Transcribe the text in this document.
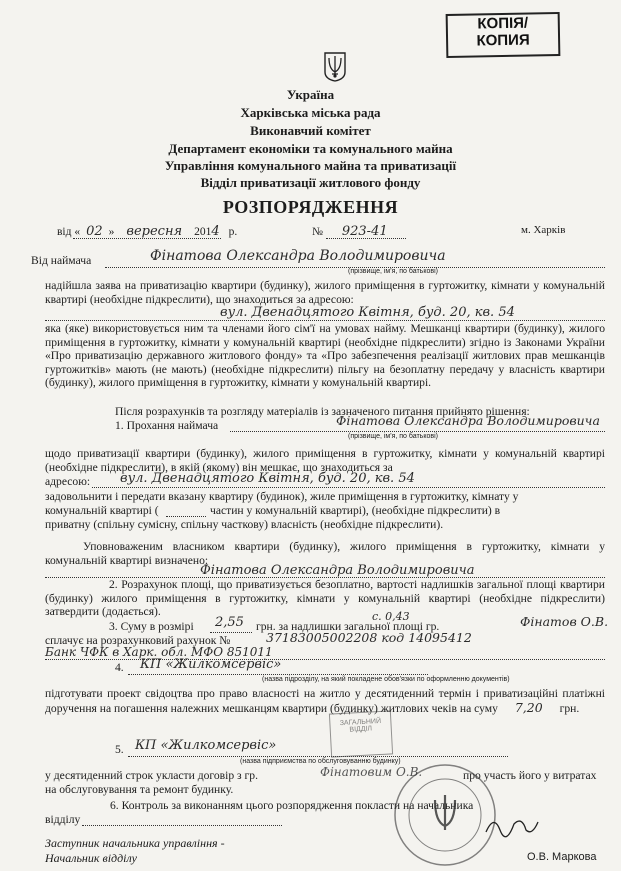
КОПІЯ/
КОПИЯ
Україна
Харківська міська рада
Виконавчий комітет
Департамент економіки та комунального майна
Управління комунального майна та приватизації
Відділ приватизації житлового фонду
РОЗПОРЯДЖЕННЯ
від « 02 » вересня 2014 р.	№ 923-41	м. Харків
Від наймача	Фінатова Олександра Володимировича
(прізвище, ім'я, по батькові)
надійшла заява на приватизацію квартири (будинку), жилого приміщення в гуртожитку, кімнати у комунальній квартирі (необхідне підкреслити), що знаходиться за адресою:
вул. Двенадцятого Квітня, буд. 20, кв. 54
яка (яке) використовується ним та членами його сім'ї на умовах найму. Мешканці квартири (будинку), жилого приміщення в гуртожитку, кімнати у комунальній квартирі (необхідне підкреслити) згідно із Законами України «Про приватизацію державного житлового фонду» та «Про забезпечення реалізації житлових прав мешканців гуртожитків» мають (не мають) (необхідне підкреслити) пільгу на безоплатну передачу у власність квартири (будинку), жилого приміщення в гуртожитку, кімнати у комунальній квартирі.
Після розрахунків та розгляду матеріалів із зазначеного питання прийнято рішення:
1. Прохання наймача	Фінатова Олександра Володимировича
(прізвище, ім'я, по батькові)
щодо приватизації квартири (будинку), жилого приміщення в гуртожитку, кімнати у комунальній квартирі (необхідне підкреслити), в якій (якому) він мешкає, що знаходиться за
адресою: вул. Двенадцятого Квітня, буд. 20, кв. 54
задовольнити і передати вказану квартиру (будинок), жиле приміщення в гуртожитку, кімнату у
комунальній квартирі (	частин у комунальній квартирі), (необхідне підкреслити) в
приватну (спільну сумісну, спільну часткову) власність (необхідне підкреслити).
Уповноваженим власником квартири (будинку), жилого приміщення в гуртожитку, кімнати у комунальній квартирі визначено:
Фінатова Олександра Володимировича
2. Розрахунок площі, що приватизується безоплатно, вартості надлишків загальної площі квартири (будинку) жилого приміщення в гуртожитку, кімнати у комунальній квартирі (необхідне підкреслити) затвердити (додається).
3. Суму в розмірі 2,55 грн. за надлишки загальної площі гр.
с. 0,43	Фінатов О.В.
сплачує на розрахунковий рахунок №	37183005002208 код 14095412
Банк ЧФК в Харк. обл. МФО 851011
4. КП «Жилкомсервіс»
(назва підрозділу, на який покладене обов'язки по оформленню документів)
підготувати проект свідоцтва про право власності на житло у десятиденний термін і приватизаційні платіжні доручення на погашення належних мешканцям квартири (будинку) житлових чеків на суму 7,20 грн.
5. КП «Жилкомсервіс»
(назва підприємства по обслуговуванню будинку)
у десятиденний строк укласти договір з гр.	Фінатовим О.В.	про участь його у витратах
на обслуговування та ремонт будинку.
6. Контроль за виконанням цього розпорядження покласти на начальника
відділу
Заступник начальника управління -
Начальник відділу	О.В. Маркова
ЗАГАЛЬНИЙ ВІДДІЛ
